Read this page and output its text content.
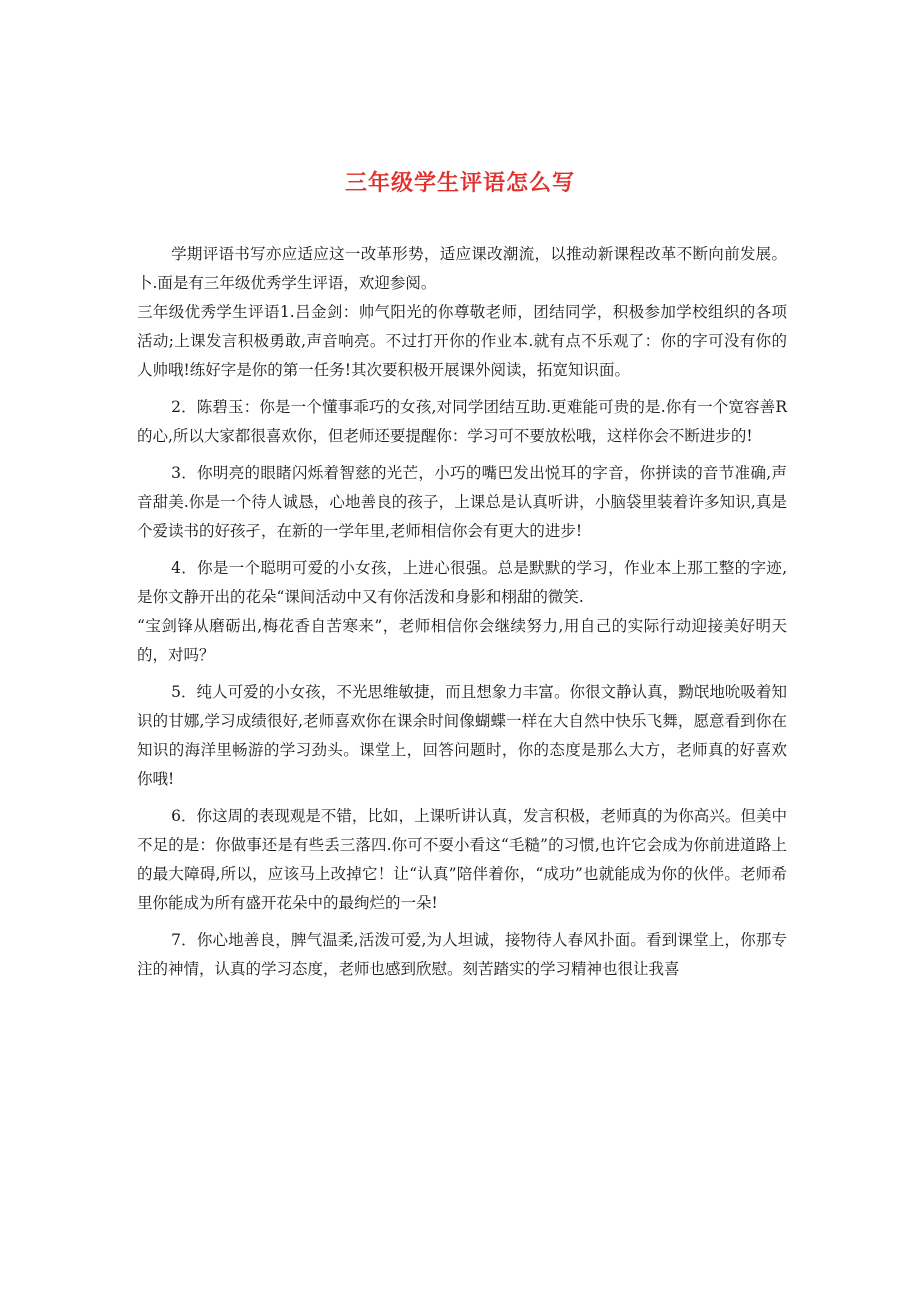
三年级学生评语怎么写

学期评语书写亦应适应这一改革形势，适应课改潮流，以推动新课程改革不断向前发展。卜.面是有三年级优秀学生评语，欢迎参阅。

三年级优秀学生评语1.吕金剑：帅气阳光的你尊敬老师，团结同学，积极参加学校组织的各项活动;上课发言积极勇敢,声音响亮。不过打开你的作业本.就有点不乐观了：你的字可没有你的人帅哦!练好字是你的第一任务!其次要积极开展课外阅读，拓宽知识面。

2．陈碧玉：你是一个懂事乖巧的女孩,对同学团结互助.更难能可贵的是.你有一个宽容善R的心,所以大家都很喜欢你，但老师还要提醒你：学习可不要放松哦，这样你会不断进步的!

3．你明亮的眼睹闪烁着智慈的光芒，小巧的嘴巴发出悦耳的字音，你拼读的音节准确,声音甜美.你是一个待人诚恳，心地善良的孩子，上课总是认真听讲，小脑袋里装着许多知识,真是个爱读书的好孩孑，在新的一学年里,老师相信你会有更大的进步!

4．你是一个聪明可爱的小女孩，上进心很强。总是默默的学习，作业本上那工整的字迹,是你文静开出的花朵“课间活动中又有你活泼和身影和栩甜的微笑.

“宝剑锋从磨砺出,梅花香自苦寒来”，老师相信你会继续努力,用自己的实际行动迎接美好明天的，对吗？

5．纯人可爱的小女孩，不光思维敏捷，而且想象力丰富。你很文静认真，黝氓地吮吸着知识的甘娜,学习成绩很好,老师喜欢你在课余时间像蝴蝶一样在大自然中快乐飞舞，愿意看到你在知识的海洋里畅游的学习劲头。课堂上，回答问题时，你的态度是那么大方，老师真的好喜欢你哦!

6．你这周的表现观是不错，比如，上课听讲认真，发言积极，老师真的为你高兴。但美中不足的是：你做事还是有些丢三落四.你可不耍小看这“毛糙”的习惯,也许它会成为你前进道路上的最大障碍,所以，应该马上改掉它！让“认真”陪伴着你，“成功”也就能成为你的伙伴。老师希里你能成为所有盛开花朵中的最绚烂的一朵!

7．你心地善良，脾气温柔,活泼可爱,为人坦诚，接物待人春风扑面。看到课堂上，你那专注的神情，认真的学习态度，老师也感到欣慰。刻苦踏实的学习精神也很让我喜
